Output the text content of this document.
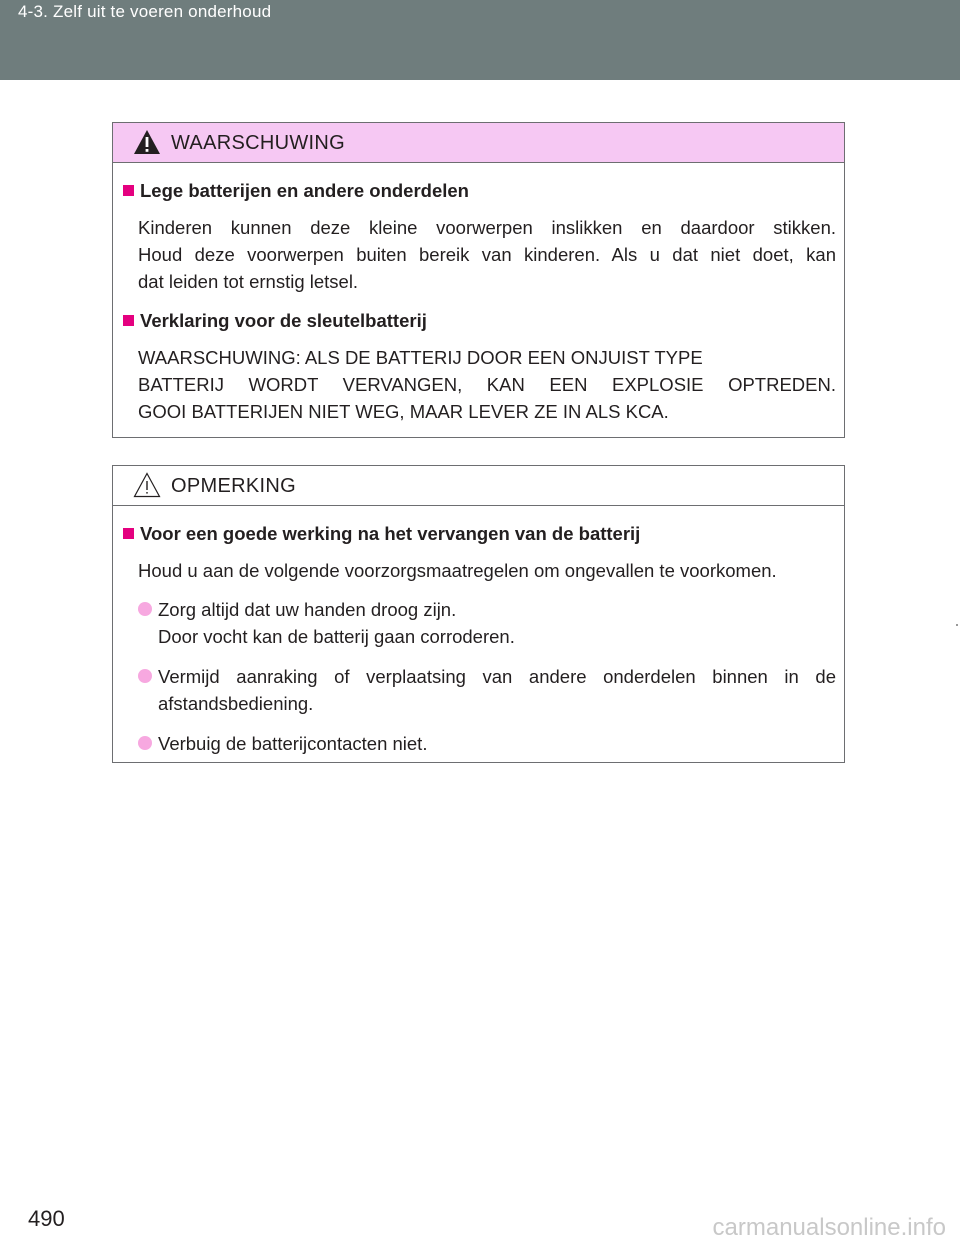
4-3. Zelf uit te voeren onderhoud
WAARSCHUWING
Lege batterijen en andere onderdelen
Kinderen kunnen deze kleine voorwerpen inslikken en daardoor stikken.
Houd deze voorwerpen buiten bereik van kinderen. Als u dat niet doet, kan
dat leiden tot ernstig letsel.
Verklaring voor de sleutelbatterij
WAARSCHUWING: ALS DE BATTERIJ DOOR EEN ONJUIST TYPE
BATTERIJ WORDT VERVANGEN, KAN EEN EXPLOSIE OPTREDEN.
GOOI BATTERIJEN NIET WEG, MAAR LEVER ZE IN ALS KCA.
OPMERKING
Voor een goede werking na het vervangen van de batterij
Houd u aan de volgende voorzorgsmaatregelen om ongevallen te voorkomen.
Zorg altijd dat uw handen droog zijn.
Door vocht kan de batterij gaan corroderen.
Vermijd aanraking of verplaatsing van andere onderdelen binnen in de
afstandsbediening.
Verbuig de batterijcontacten niet.
490	carmanualsonline.info
